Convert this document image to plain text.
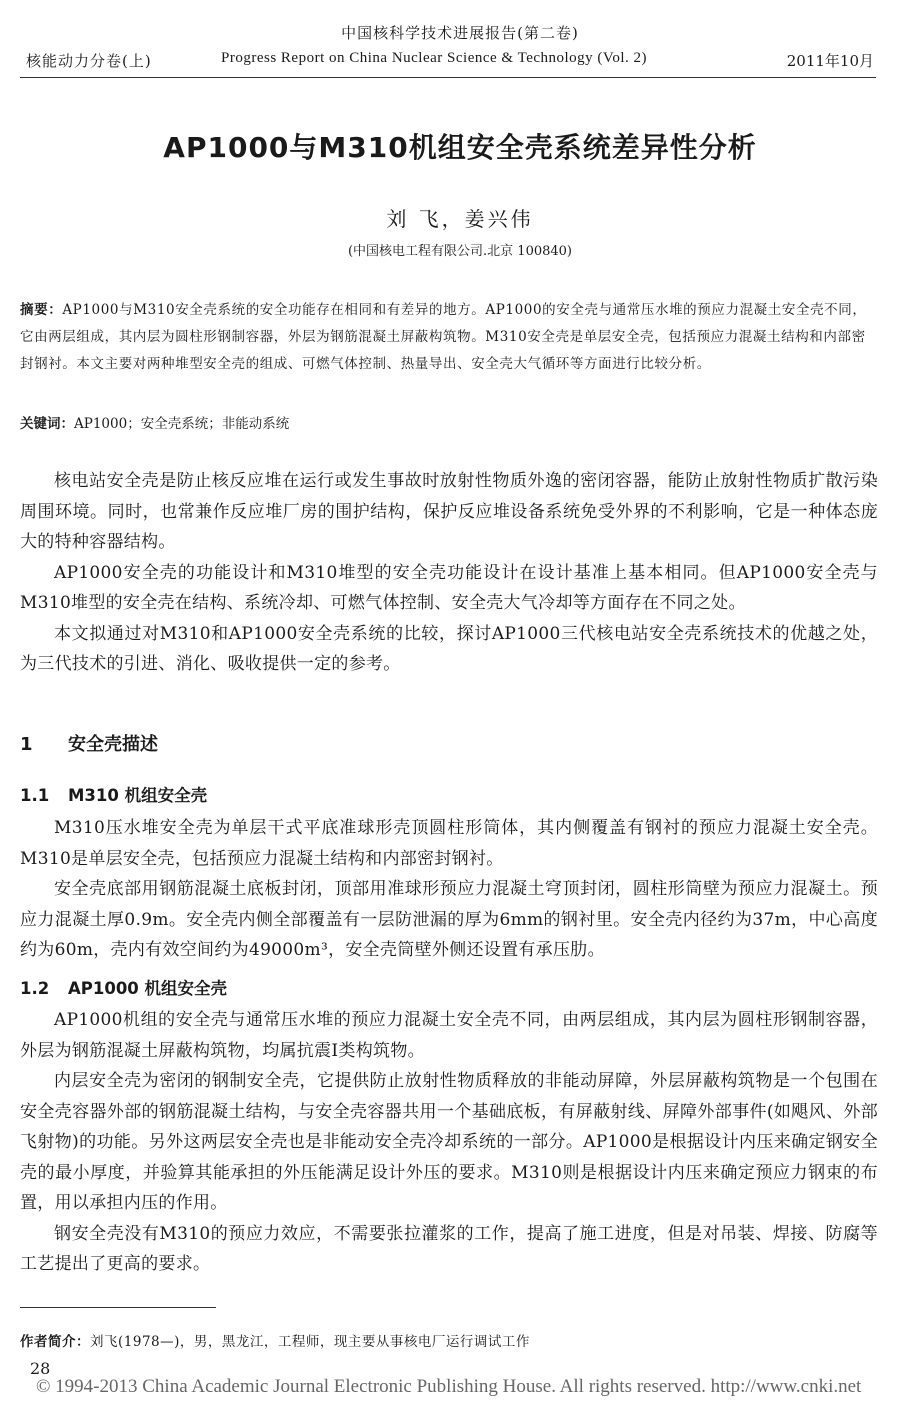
中国核科学技术进展报告(第二卷)
核能动力分卷(上)	Progress Report on China Nuclear Science & Technology (Vol. 2)	2011年10月
AP1000与M310机组安全壳系统差异性分析
刘 飞，姜兴伟
(中国核电工程有限公司.北京 100840)
摘要：AP1000与M310安全壳系统的安全功能存在相同和有差异的地方。AP1000的安全壳与通常压水堆的预应力混凝土安全壳不同，它由两层组成，其内层为圆柱形钢制容器，外层为钢筋混凝土屏蔽构筑物。M310安全壳是单层安全壳，包括预应力混凝土结构和内部密封钢衬。本文主要对两种堆型安全壳的组成、可燃气体控制、热量导出、安全壳大气循环等方面进行比较分析。
关键词：AP1000；安全壳系统；非能动系统

核电站安全壳是防止核反应堆在运行或发生事故时放射性物质外逸的密闭容器，能防止放射性物质扩散污染周围环境。同时，也常兼作反应堆厂房的围护结构，保护反应堆设备系统免受外界的不利影响，它是一种体态庞大的特种容器结构。

AP1000安全壳的功能设计和M310堆型的安全壳功能设计在设计基准上基本相同。但AP1000安全壳与M310堆型的安全壳在结构、系统冷却、可燃气体控制、安全壳大气冷却等方面存在不同之处。

本文拟通过对M310和AP1000安全壳系统的比较，探讨AP1000三代核电站安全壳系统技术的优越之处，为三代技术的引进、消化、吸收提供一定的参考。

1 安全壳描述
1.1 M310 机组安全壳

M310压水堆安全壳为单层干式平底准球形壳顶圆柱形筒体，其内侧覆盖有钢衬的预应力混凝土安全壳。M310是单层安全壳，包括预应力混凝土结构和内部密封钢衬。

安全壳底部用钢筋混凝土底板封闭，顶部用准球形预应力混凝土穹顶封闭，圆柱形筒壁为预应力混凝土。预应力混凝土厚0.9m。安全壳内侧全部覆盖有一层防泄漏的厚为6mm的钢衬里。安全壳内径约为37m，中心高度约为60m，壳内有效空间约为49000m³，安全壳筒壁外侧还设置有承压肋。

1.2 AP1000 机组安全壳

AP1000机组的安全壳与通常压水堆的预应力混凝土安全壳不同，由两层组成，其内层为圆柱形钢制容器，外层为钢筋混凝土屏蔽构筑物，均属抗震Ⅰ类构筑物。

内层安全壳为密闭的钢制安全壳，它提供防止放射性物质释放的非能动屏障，外层屏蔽构筑物是一个包围在安全壳容器外部的钢筋混凝土结构，与安全壳容器共用一个基础底板，有屏蔽射线、屏障外部事件(如飓风、外部飞射物)的功能。另外这两层安全壳也是非能动安全壳冷却系统的一部分。AP1000是根据设计内压来确定钢安全壳的最小厚度，并验算其能承担的外压能满足设计外压的要求。M310则是根据设计内压来确定预应力钢束的布置，用以承担内压的作用。

钢安全壳没有M310的预应力效应，不需要张拉灌浆的工作，提高了施工进度，但是对吊装、焊接、防腐等工艺提出了更高的要求。

作者简介：刘飞(1978—)，男，黑龙江，工程师，现主要从事核电厂运行调试工作
28
© 1994-2013 China Academic Journal Electronic Publishing House. All rights reserved. http://www.cnki.net
